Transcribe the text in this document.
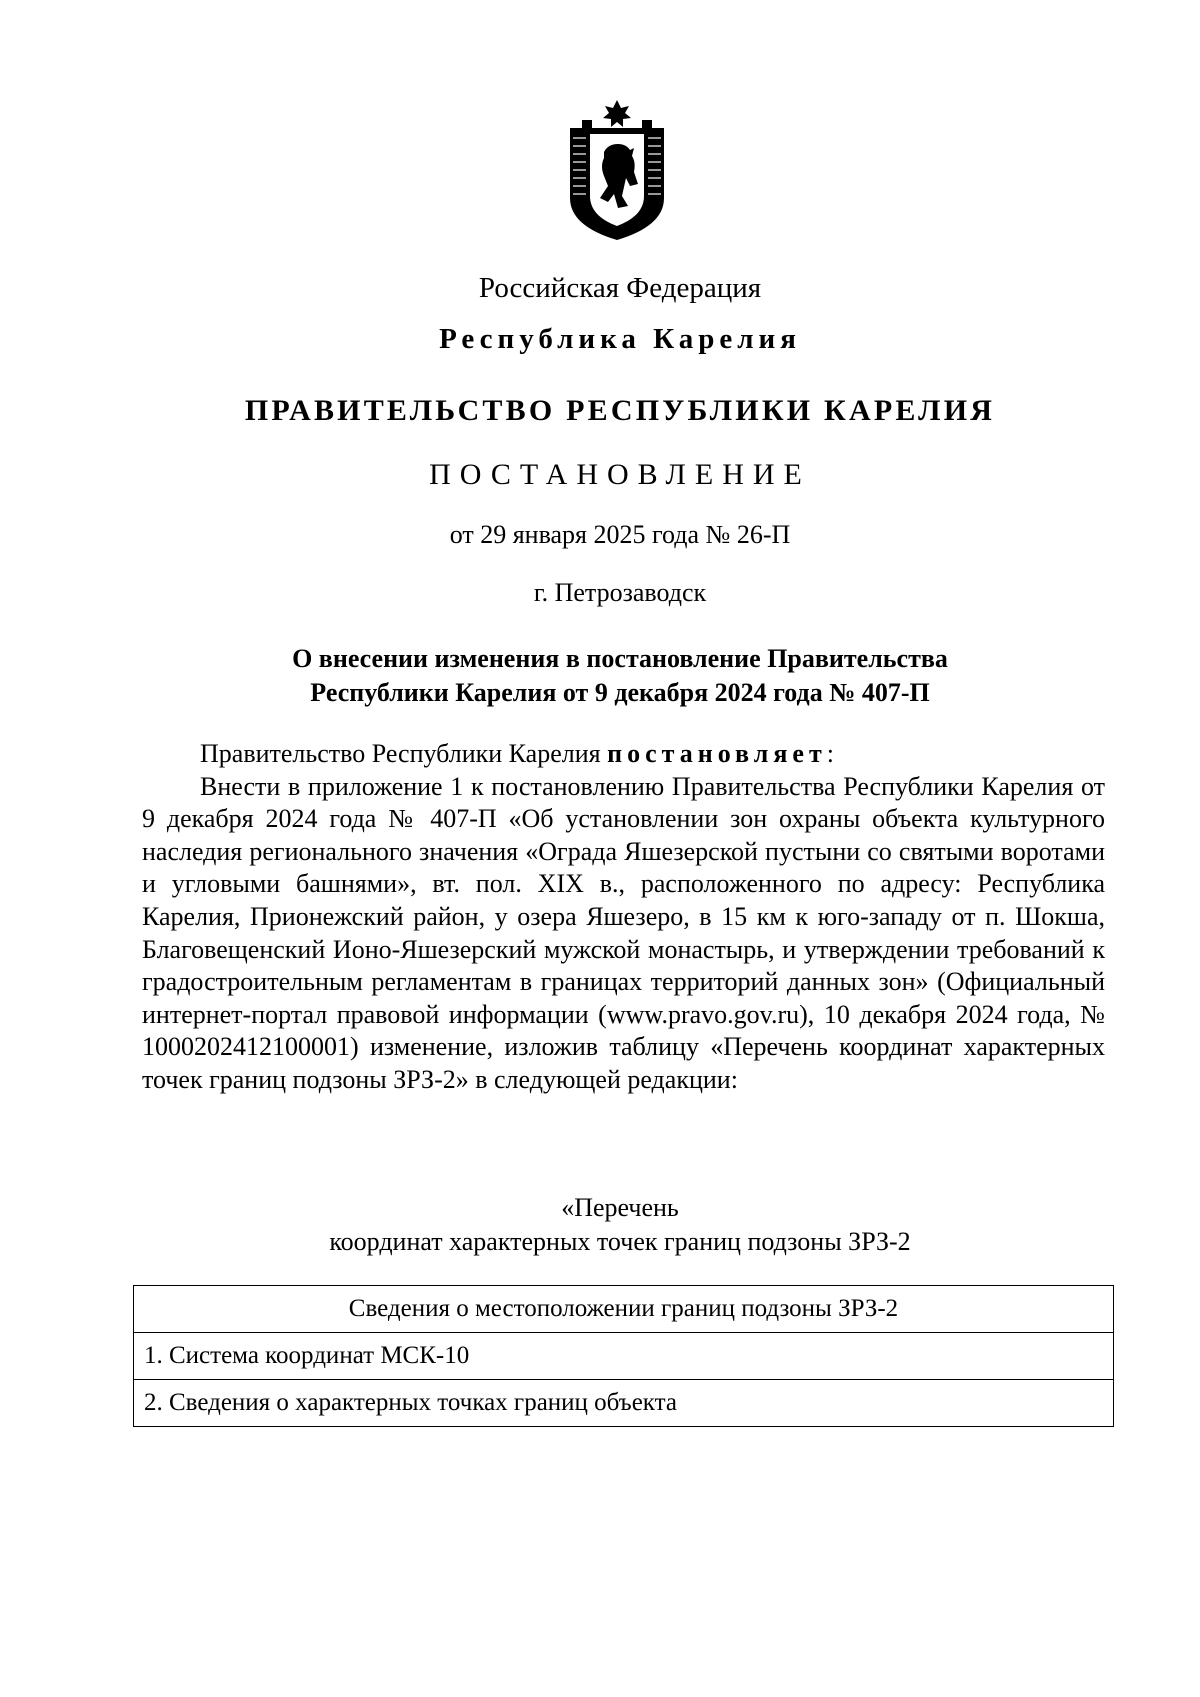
Российская Федерация
Республика Карелия
ПРАВИТЕЛЬСТВО РЕСПУБЛИКИ КАРЕЛИЯ
ПОСТАНОВЛЕНИЕ
от 29 января 2025 года № 26-П
г. Петрозаводск
О внесении изменения в постановление Правительства
Республики Карелия от 9 декабря 2024 года № 407-П

Правительство Республики Карелия постановляет:

Внести в приложение 1 к постановлению Правительства Республики Карелия от 9 декабря 2024 года № 407-П «Об установлении зон охраны объекта культурного наследия регионального значения «Ограда Яшезерской пустыни со святыми воротами и угловыми башнями», вт. пол. XIX в., расположенного по адресу: Республика Карелия, Прионежский район, у озера Яшезеро, в 15 км к юго-западу от п. Шокша, Благовещенский Ионо-Яшезерский мужской монастырь, и утверждении требований к градостроительным регламентам в границах территорий данных зон» (Официальный интернет-портал правовой информации (www.pravo.gov.ru), 10 декабря 2024 года, № 1000202412100001) изменение, изложив таблицу «Перечень координат характерных точек границ подзоны ЗРЗ-2» в следующей редакции:

«Перечень
координат характерных точек границ подзоны ЗРЗ-2
Сведения о местоположении границ подзоны ЗРЗ-2
1. Система координат МСК-10
2. Сведения о характерных точках границ объекта
